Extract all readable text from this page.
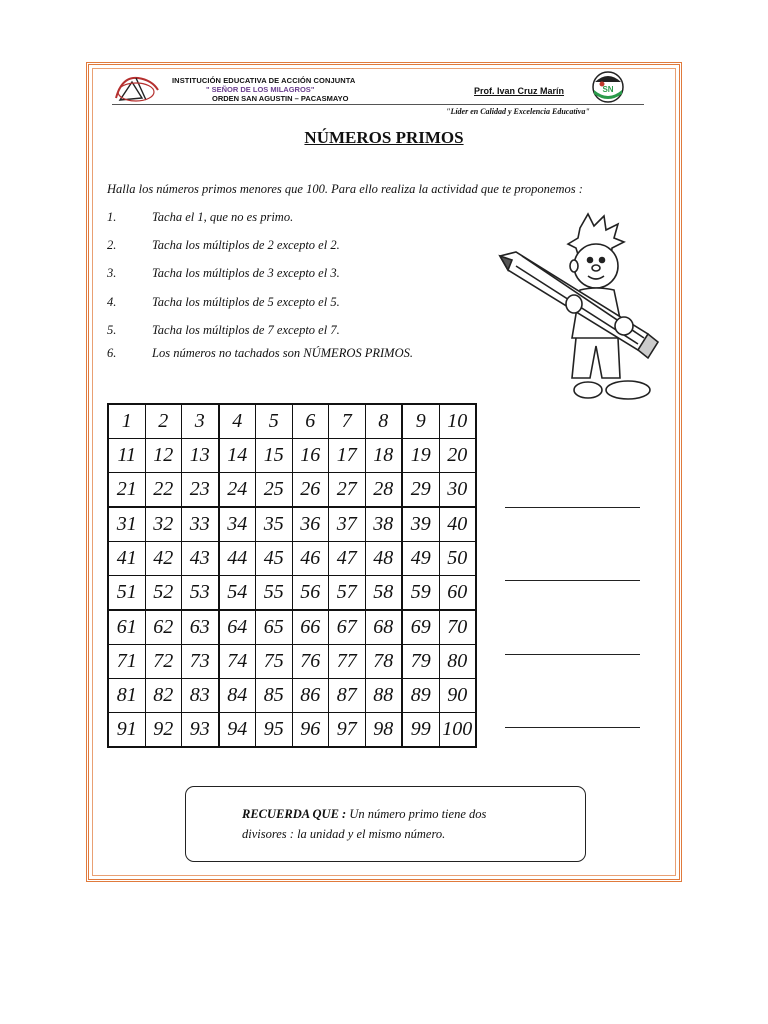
INSTITUCIÓN EDUCATIVA DE ACCIÓN CONJUNTA
" SEÑOR DE LOS MILAGROS"
ORDEN SAN AGUSTIN – PACASMAYO
Prof. Ivan Cruz Marín	SN
"Líder en Calidad y Excelencia Educativa"
NÚMEROS PRIMOS
Halla los números primos menores que 100. Para ello realiza la actividad que te proponemos :
1.	Tacha el 1, que no es primo.
2.	Tacha los múltiplos de 2 excepto el 2.
3.	Tacha los múltiplos de 3 excepto el 3.
4.	Tacha los múltiplos de 5 excepto el 5.
5.	Tacha los múltiplos de 7 excepto el 7.
6.	Los números no tachados son NÚMEROS PRIMOS.
1	2	3	4	5	6	7	8	9	10
11	12	13	14	15	16	17	18	19	20
21	22	23	24	25	26	27	28	29	30
31	32	33	34	35	36	37	38	39	40
41	42	43	44	45	46	47	48	49	50
51	52	53	54	55	56	57	58	59	60
61	62	63	64	65	66	67	68	69	70
71	72	73	74	75	76	77	78	79	80
81	82	83	84	85	86	87	88	89	90
91	92	93	94	95	96	97	98	99	100
RECUERDA QUE : Un número primo tiene dos
divisores : la unidad y el mismo número.
